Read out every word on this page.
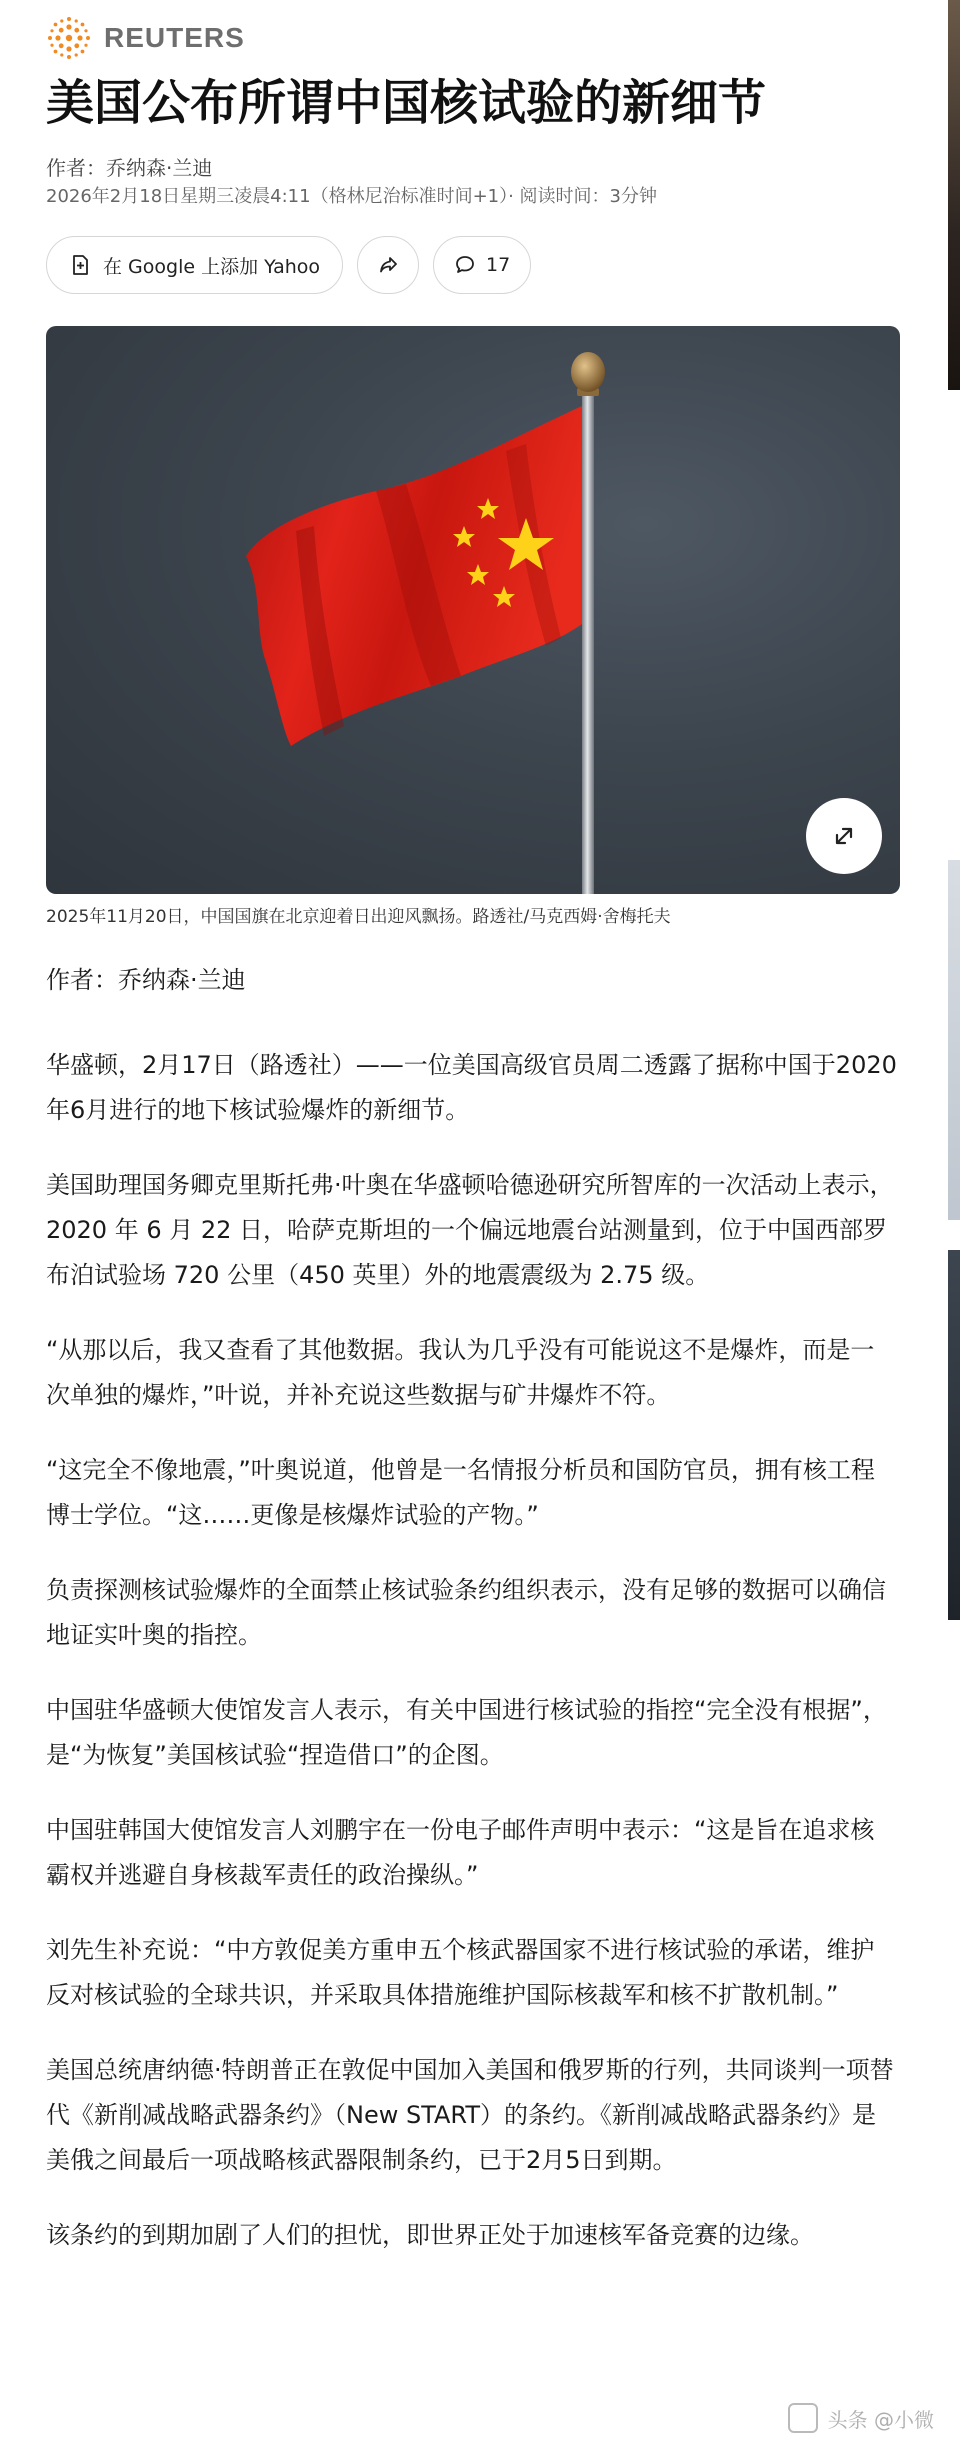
REUTERS
美国公布所谓中国核试验的新细节
作者：乔纳森·兰迪
2026年2月18日星期三凌晨4:11（格林尼治标准时间+1）· 阅读时间：3分钟
在 Google 上添加 Yahoo	17
2025年11月20日，中国国旗在北京迎着日出迎风飘扬。路透社/马克西姆·舍梅托夫

作者：乔纳森·兰迪

华盛顿，2月17日（路透社）——一位美国高级官员周二透露了据称中国于2020年6月进行的地下核试验爆炸的新细节。

美国助理国务卿克里斯托弗·叶奥在华盛顿哈德逊研究所智库的一次活动上表示，2020 年 6 月 22 日，哈萨克斯坦的一个偏远地震台站测量到，位于中国西部罗布泊试验场 720 公里（450 英里）外的地震震级为 2.75 级。

“从那以后，我又查看了其他数据。我认为几乎没有可能说这不是爆炸，而是一次单独的爆炸，”叶说，并补充说这些数据与矿井爆炸不符。

“这完全不像地震，”叶奥说道，他曾是一名情报分析员和国防官员，拥有核工程博士学位。“这……更像是核爆炸试验的产物。”

负责探测核试验爆炸的全面禁止核试验条约组织表示，没有足够的数据可以确信地证实叶奥的指控。

中国驻华盛顿大使馆发言人表示，有关中国进行核试验的指控“完全没有根据”，是“为恢复”美国核试验“捏造借口”的企图。

中国驻韩国大使馆发言人刘鹏宇在一份电子邮件声明中表示：“这是旨在追求核霸权并逃避自身核裁军责任的政治操纵。”

刘先生补充说：“中方敦促美方重申五个核武器国家不进行核试验的承诺，维护反对核试验的全球共识，并采取具体措施维护国际核裁军和核不扩散机制。”

美国总统唐纳德·特朗普正在敦促中国加入美国和俄罗斯的行列，共同谈判一项替代《新削减战略武器条约》（New START）的条约。《新削减战略武器条约》是美俄之间最后一项战略核武器限制条约，已于2月5日到期。

该条约的到期加剧了人们的担忧，即世界正处于加速核军备竞赛的边缘。

头条 @小微
